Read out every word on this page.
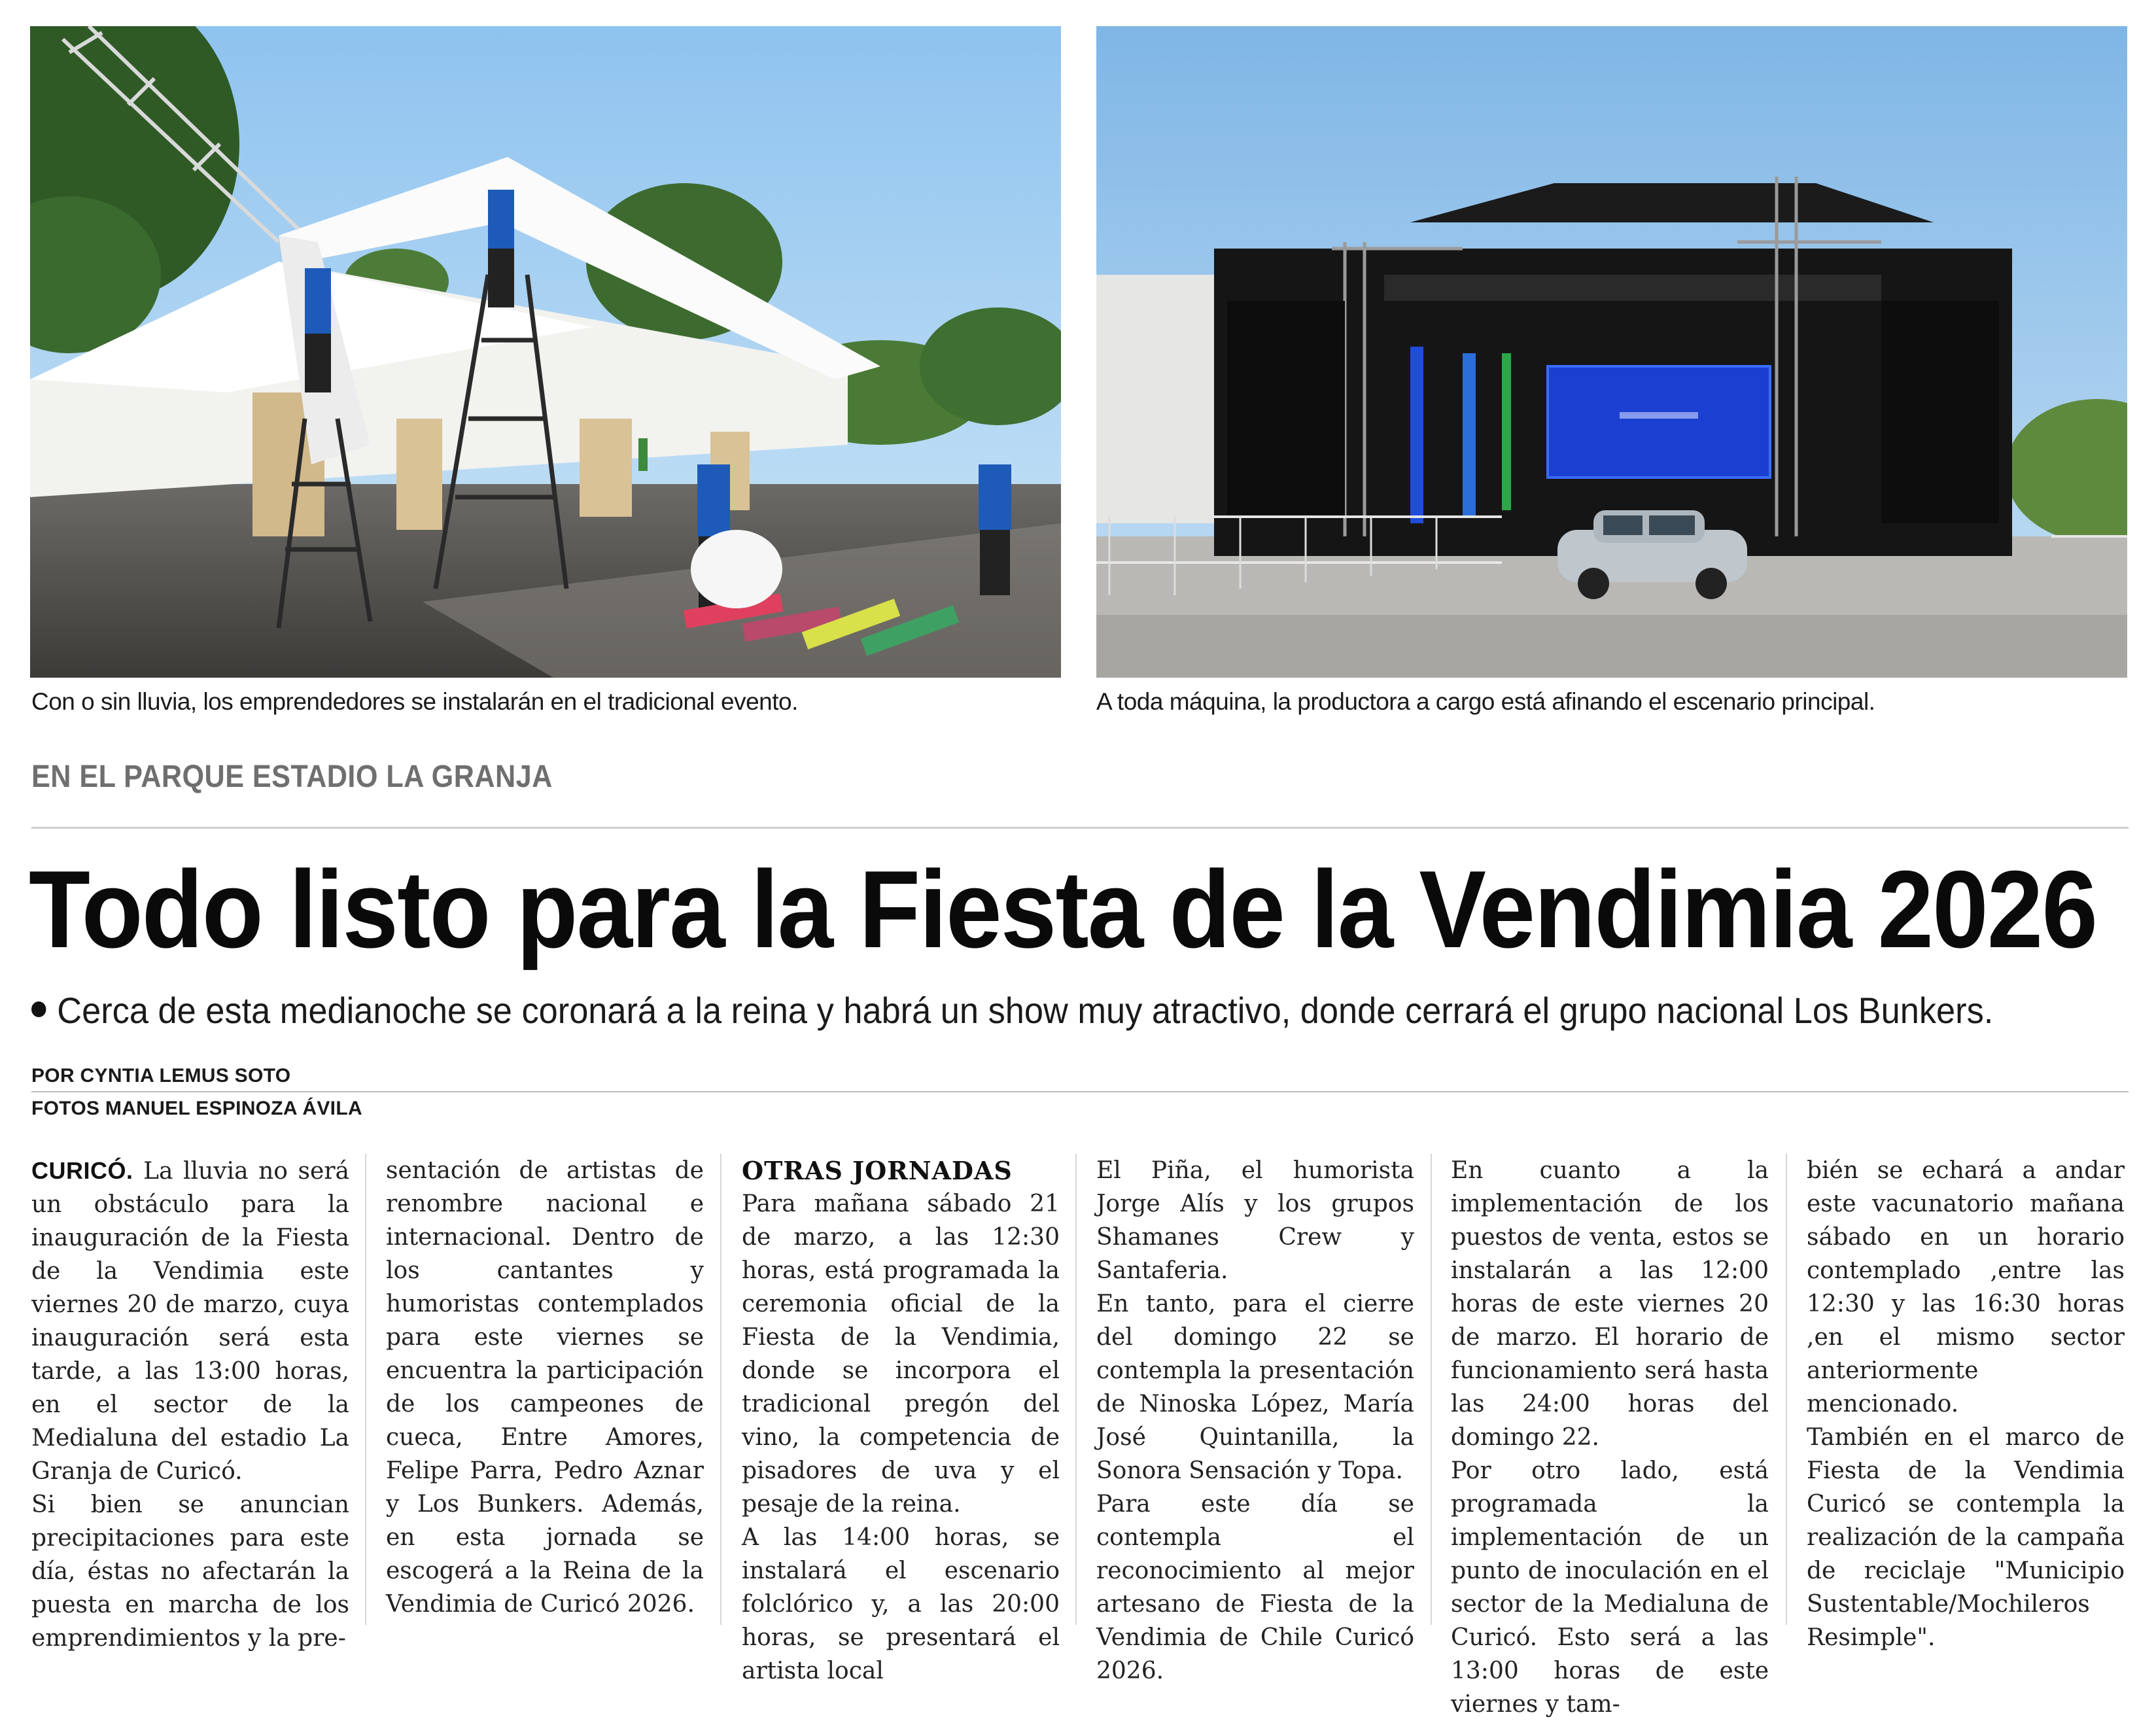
Con o sin lluvia, los emprendedores se instalarán en el tradicional evento.	A toda máquina, la productora a cargo está afinando el escenario principal.
EN EL PARQUE ESTADIO LA GRANJA
Todo listo para la Fiesta de la Vendimia 2026
Cerca de esta medianoche se coronará a la reina y habrá un show muy atractivo, donde cerrará el grupo nacional Los Bunkers.
POR CYNTIA LEMUS SOTO
FOTOS MANUEL ESPINOZA ÁVILA

CURICÓ. La lluvia no será un obstáculo para la inauguración de la Fiesta de la Vendimia este viernes 20 de marzo, cuya inauguración será esta tarde, a las 13:00 horas, en el sector de la Medialuna del estadio La Granja de Curicó.

Si bien se anuncian precipitaciones para este día, éstas no afectarán la puesta en marcha de los emprendimientos y la pre-

sentación de artistas de renombre nacional e internacional. Dentro de los cantantes y humoristas contemplados para este viernes se encuentra la participación de los campeones de cueca, Entre Amores, Felipe Parra, Pedro Aznar y Los Bunkers. Además, en esta jornada se escogerá a la Reina de la Vendimia de Curicó 2026.

OTRAS JORNADAS

Para mañana sábado 21 de marzo, a las 12:30 horas, está programada la ceremonia oficial de la Fiesta de la Vendimia, donde se incorpora el tradicional pregón del vino, la competencia de pisadores de uva y el pesaje de la reina.

A las 14:00 horas, se instalará el escenario folclórico y, a las 20:00 horas, se presentará el artista local

El Piña, el humorista Jorge Alís y los grupos Shamanes Crew y Santaferia.

En tanto, para el cierre del domingo 22 se contempla la presentación de Ninoska López, María José Quintanilla, la Sonora Sensación y Topa.

Para este día se contempla el reconocimiento al mejor artesano de Fiesta de la Vendimia de Chile Curicó 2026.

En cuanto a la implementación de los puestos de venta, estos se instalarán a las 12:00 horas de este viernes 20 de marzo. El horario de funcionamiento será hasta las 24:00 horas del domingo 22.

Por otro lado, está programada la implementación de un punto de inoculación en el sector de la Medialuna de Curicó. Esto será a las 13:00 horas de este viernes y tam-

bién se echará a andar este vacunatorio mañana sábado en un horario contemplado ,entre las 12:30 y las 16:30 horas ,en el mismo sector anteriormente mencionado.

También en el marco de Fiesta de la Vendimia Curicó se contempla la realización de la campaña de reciclaje "Municipio Sustentable/Mochileros Resimple".
